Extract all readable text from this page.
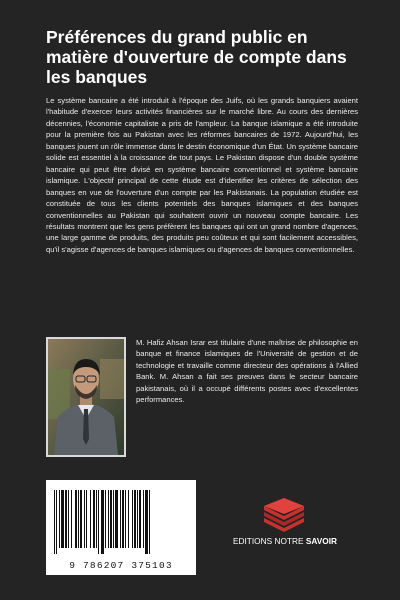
Préférences du grand public en matière d'ouverture de compte dans les banques

Le système bancaire a été introduit à l'époque des Juifs, où les grands banquiers avaient l'habitude d'exercer leurs activités financières sur le marché libre. Au cours des dernières décennies, l'économie capitaliste a pris de l'ampleur. La banque islamique a été introduite pour la première fois au Pakistan avec les réformes bancaires de 1972. Aujourd'hui, les banques jouent un rôle immense dans le destin économique d'un État. Un système bancaire solide est essentiel à la croissance de tout pays. Le Pakistan dispose d'un double système bancaire qui peut être divisé en système bancaire conventionnel et système bancaire islamique. L'objectif principal de cette étude est d'identifier les critères de sélection des banques en vue de l'ouverture d'un compte par les Pakistanais. La population étudiée est constituée de tous les clients potentiels des banques islamiques et des banques conventionnelles au Pakistan qui souhaitent ouvrir un nouveau compte bancaire. Les résultats montrent que les gens préfèrent les banques qui ont un grand nombre d'agences, une large gamme de produits, des produits peu coûteux et qui sont facilement accessibles, qu'il s'agisse d'agences de banques islamiques ou d'agences de banques conventionnelles.

M. Hafiz Ahsan Israr est titulaire d'une maîtrise de philosophie en banque et finance islamiques de l'Université de gestion et de technologie et travaille comme directeur des opérations à l'Allied Bank. M. Ahsan a fait ses preuves dans le secteur bancaire pakistanais, où il a occupé différents postes avec d'excellentes performances.

9 786207 375103
EDITIONS NOTRE SAVOIR
